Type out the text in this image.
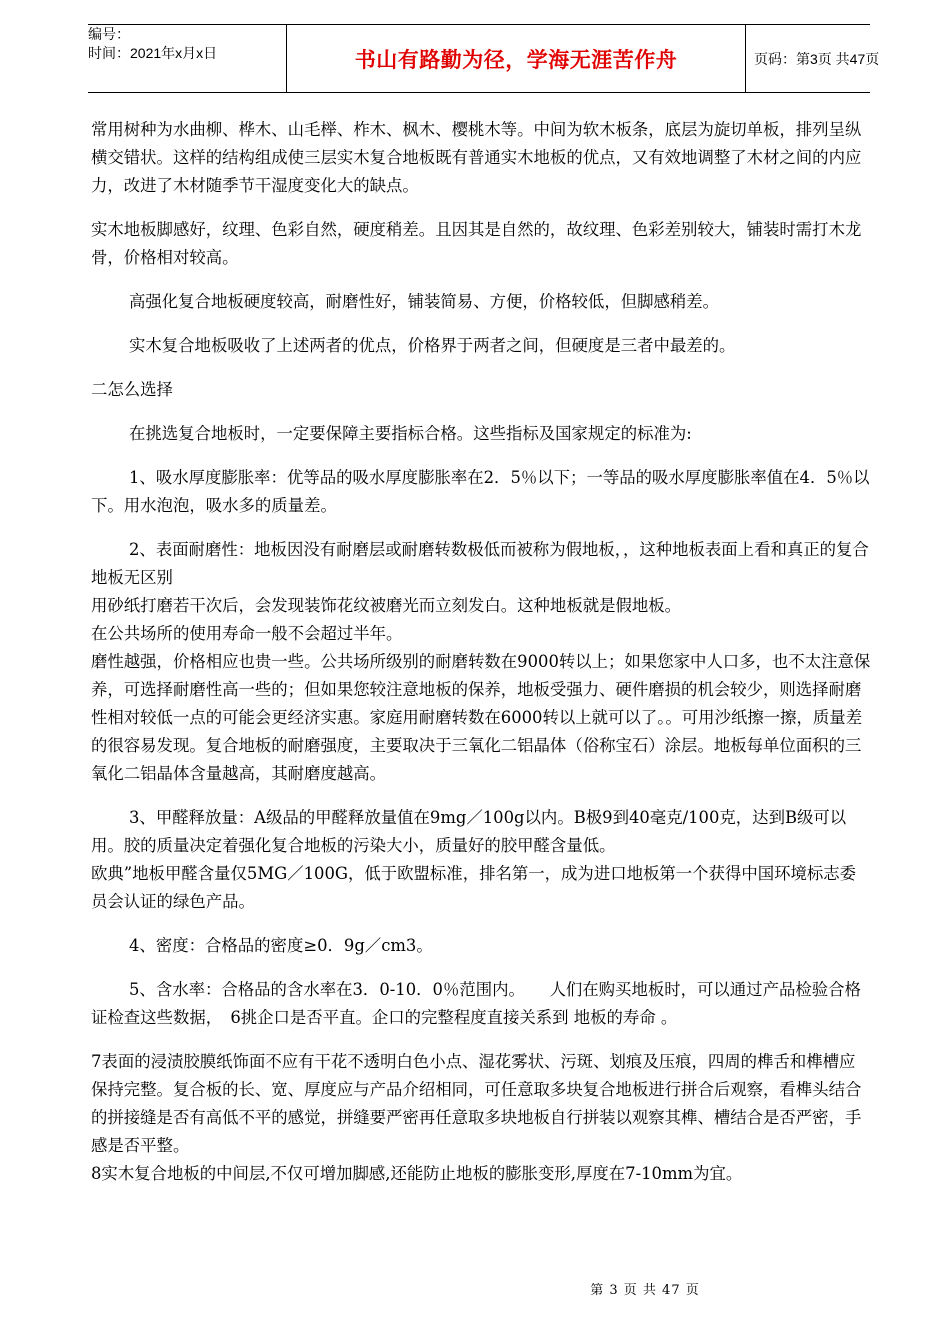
编号：
时间：2021年x月x日	书山有路勤为径，学海无涯苦作舟	页码：第3页 共47页

常用树种为水曲柳、桦木、山毛榉、柞木、枫木、樱桃木等。中间为软木板条，底层为旋切单板，排列呈纵横交错状。这样的结构组成使三层实木复合地板既有普通实木地板的优点，又有效地调整了木材之间的内应力，改进了木材随季节干湿度变化大的缺点。

实木地板脚感好，纹理、色彩自然，硬度稍差。且因其是自然的，故纹理、色彩差别较大，铺装时需打木龙骨，价格相对较高。

高强化复合地板硬度较高，耐磨性好，铺装简易、方便，价格较低，但脚感稍差。

实木复合地板吸收了上述两者的优点，价格界于两者之间，但硬度是三者中最差的。

二怎么选择

在挑选复合地板时，一定要保障主要指标合格。这些指标及国家规定的标准为:

1、吸水厚度膨胀率：优等品的吸水厚度膨胀率在2．5％以下；一等品的吸水厚度膨胀率值在4．5％以下。用水泡泡，吸水多的质量差。

2、表面耐磨性：地板因没有耐磨层或耐磨转数极低而被称为假地板，，这种地板表面上看和真正的复合地板无区别

用砂纸打磨若干次后，会发现装饰花纹被磨光而立刻发白。这种地板就是假地板。

在公共场所的使用寿命一般不会超过半年。

磨性越强，价格相应也贵一些。公共场所级别的耐磨转数在9000转以上；如果您家中人口多，也不太注意保养，可选择耐磨性高一些的；但如果您较注意地板的保养，地板受强力、硬件磨损的机会较少，则选择耐磨性相对较低一点的可能会更经济实惠。家庭用耐磨转数在6000转以上就可以了。。可用沙纸擦一擦，质量差的很容易发现。复合地板的耐磨强度，主要取决于三氧化二铝晶体（俗称宝石）涂层。地板每单位面积的三氧化二铝晶体含量越高，其耐磨度越高。

3、甲醛释放量：A级品的甲醛释放量值在9mg／100g以内。B极9到40毫克/100克，达到B级可以用。胶的质量决定着强化复合地板的污染大小，质量好的胶甲醛含量低。

欧典”地板甲醛含量仅5MG／100G，低于欧盟标准，排名第一，成为进口地板第一个获得中国环境标志委员会认证的绿色产品。

4、密度：合格品的密度≥0．9g／cm3。

5、含水率：合格品的含水率在3．0-10．0％范围内。　　人们在购买地板时，可以通过产品检验合格证检查这些数据，　6挑企口是否平直。企口的完整程度直接关系到 地板的寿命 。

7表面的浸渍胶膜纸饰面不应有干花不透明白色小点、湿花雾状、污斑、划痕及压痕，四周的榫舌和榫槽应保持完整。复合板的长、宽、厚度应与产品介绍相同，可任意取多块复合地板进行拼合后观察，看榫头结合的拼接缝是否有高低不平的感觉，拼缝要严密再任意取多块地板自行拼装以观察其榫、槽结合是否严密，手感是否平整。

8实木复合地板的中间层,不仅可增加脚感,还能防止地板的膨胀变形,厚度在7-10mm为宜。

第 3 页 共 47 页
